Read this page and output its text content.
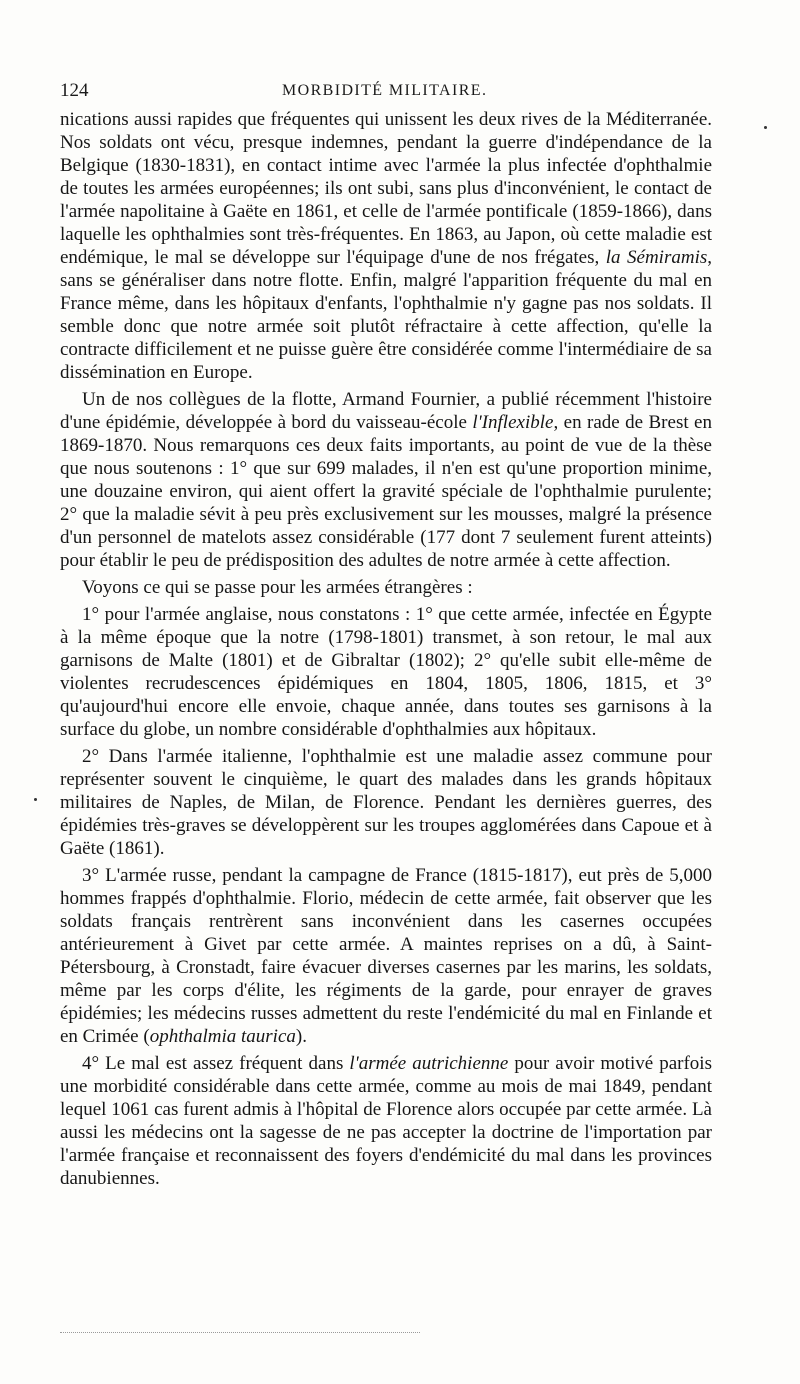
124	MORBIDITÉ MILITAIRE.

nications aussi rapides que fréquentes qui unissent les deux rives de la Méditerranée. Nos soldats ont vécu, presque indemnes, pendant la guerre d'indépendance de la Belgique (1830-1831), en contact intime avec l'armée la plus infectée d'ophthalmie de toutes les armées européennes; ils ont subi, sans plus d'inconvénient, le contact de l'armée napolitaine à Gaëte en 1861, et celle de l'armée pontificale (1859-1866), dans laquelle les ophthalmies sont très-fréquentes. En 1863, au Japon, où cette maladie est endémique, le mal se développe sur l'équipage d'une de nos frégates, la Sémiramis, sans se généraliser dans notre flotte. Enfin, malgré l'apparition fréquente du mal en France même, dans les hôpitaux d'enfants, l'ophthalmie n'y gagne pas nos soldats. Il semble donc que notre armée soit plutôt réfractaire à cette affection, qu'elle la contracte difficilement et ne puisse guère être considérée comme l'intermédiaire de sa dissémination en Europe.

Un de nos collègues de la flotte, Armand Fournier, a publié récemment l'histoire d'une épidémie, développée à bord du vaisseau-école l'Inflexible, en rade de Brest en 1869-1870. Nous remarquons ces deux faits importants, au point de vue de la thèse que nous soutenons : 1° que sur 699 malades, il n'en est qu'une proportion minime, une douzaine environ, qui aient offert la gravité spéciale de l'ophthalmie purulente; 2° que la maladie sévit à peu près exclusivement sur les mousses, malgré la présence d'un personnel de matelots assez considérable (177 dont 7 seulement furent atteints) pour établir le peu de prédisposition des adultes de notre armée à cette affection.

Voyons ce qui se passe pour les armées étrangères :

1° pour l'armée anglaise, nous constatons : 1° que cette armée, infectée en Égypte à la même époque que la notre (1798-1801) transmet, à son retour, le mal aux garnisons de Malte (1801) et de Gibraltar (1802); 2° qu'elle subit elle-même de violentes recrudescences épidémiques en 1804, 1805, 1806, 1815, et 3° qu'aujourd'hui encore elle envoie, chaque année, dans toutes ses garnisons à la surface du globe, un nombre considérable d'ophthalmies aux hôpitaux.

2° Dans l'armée italienne, l'ophthalmie est une maladie assez commune pour représenter souvent le cinquième, le quart des malades dans les grands hôpitaux militaires de Naples, de Milan, de Florence. Pendant les dernières guerres, des épidémies très-graves se développèrent sur les troupes agglomérées dans Capoue et à Gaëte (1861).

3° L'armée russe, pendant la campagne de France (1815-1817), eut près de 5,000 hommes frappés d'ophthalmie. Florio, médecin de cette armée, fait observer que les soldats français rentrèrent sans inconvénient dans les casernes occupées antérieurement à Givet par cette armée. A maintes reprises on a dû, à Saint-Pétersbourg, à Cronstadt, faire évacuer diverses casernes par les marins, les soldats, même par les corps d'élite, les régiments de la garde, pour enrayer de graves épidémies; les médecins russes admettent du reste l'endémicité du mal en Finlande et en Crimée (ophthalmia taurica).

4° Le mal est assez fréquent dans l'armée autrichienne pour avoir motivé parfois une morbidité considérable dans cette armée, comme au mois de mai 1849, pendant lequel 1061 cas furent admis à l'hôpital de Florence alors occupée par cette armée. Là aussi les médecins ont la sagesse de ne pas accepter la doctrine de l'importation par l'armée française et reconnaissent des foyers d'endémicité du mal dans les provinces danubiennes.
